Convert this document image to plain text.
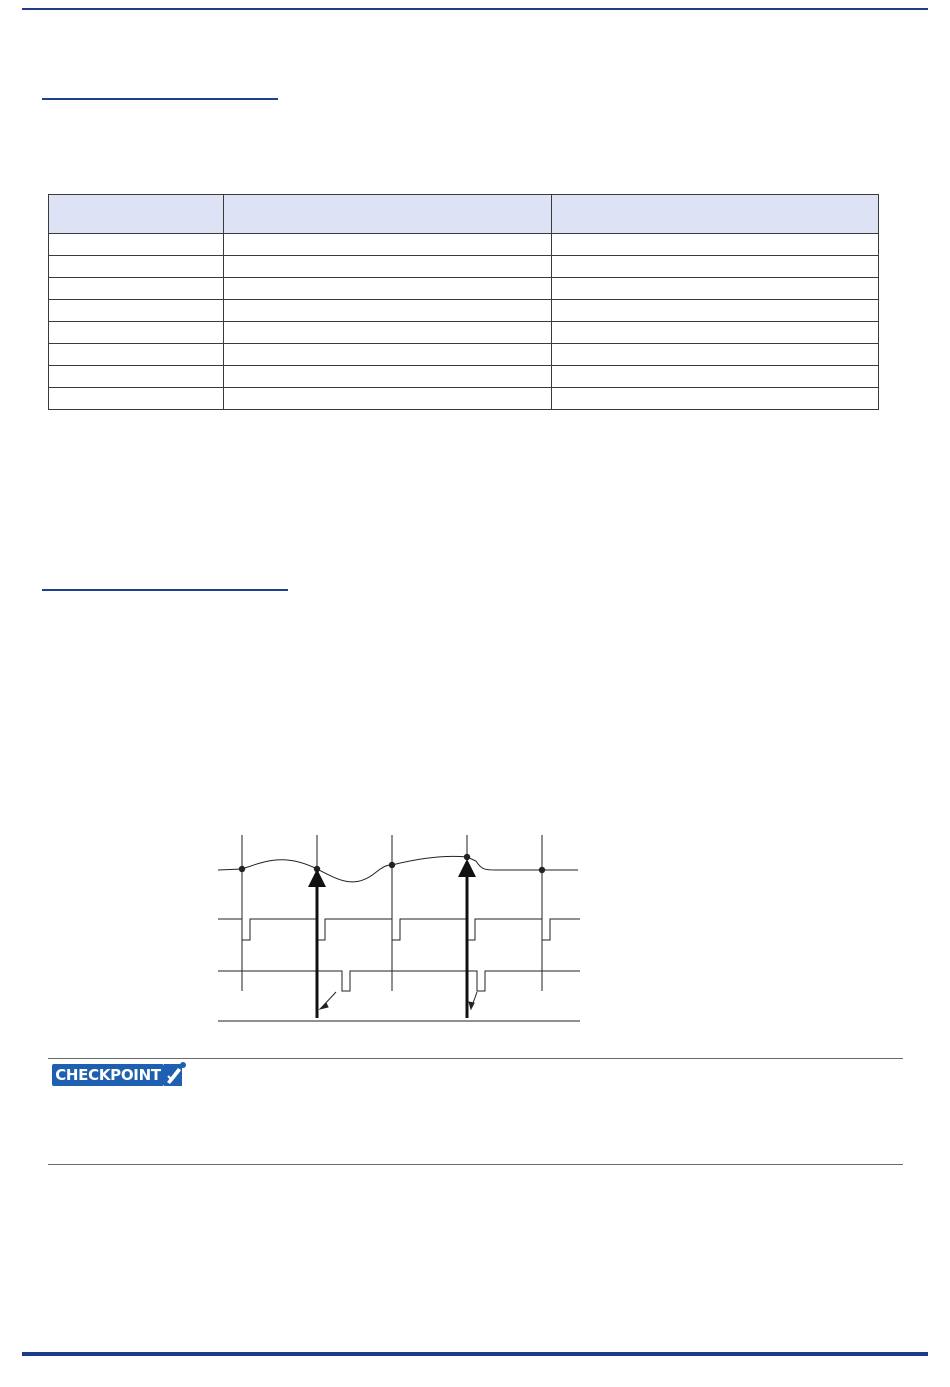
CHECKPOINT
